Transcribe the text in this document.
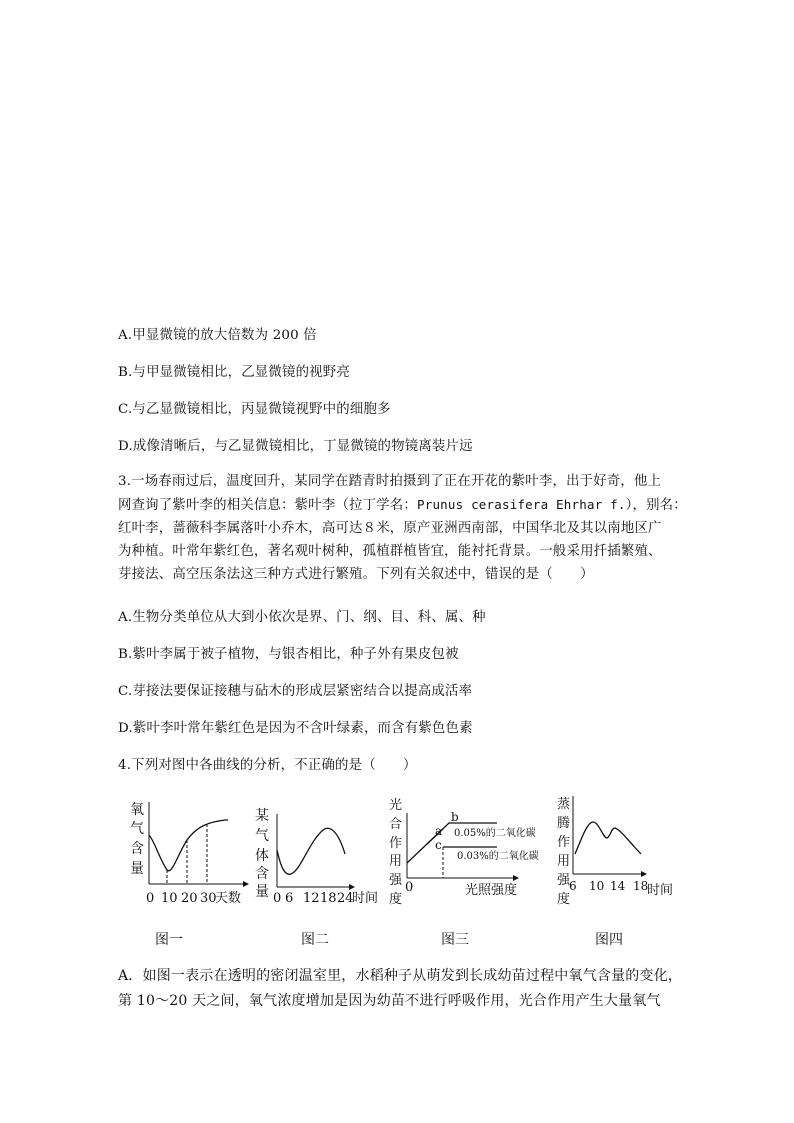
A.甲显微镜的放大倍数为 200 倍
B.与甲显微镜相比，乙显微镜的视野亮
C.与乙显微镜相比，丙显微镜视野中的细胞多
D.成像清晰后，与乙显微镜相比，丁显微镜的物镜离装片远
3.一场春雨过后，温度回升，某同学在踏青时拍摄到了正在开花的紫叶李，出于好奇，他上
网查询了紫叶李的相关信息：紫叶李（拉丁学名：Prunus cerasifera Ehrhar f.），别名：
红叶李，蔷薇科李属落叶小乔木，高可达８米，原产亚洲西南部，中国华北及其以南地区广
为种植。叶常年紫红色，著名观叶树种，孤植群植皆宜，能衬托背景。一般采用扦插繁殖、
芽接法、高空压条法这三种方式进行繁殖。下列有关叙述中，错误的是（　　）
A.生物分类单位从大到小依次是界、门、纲、目、科、属、种
B.紫叶李属于被子植物，与银杏相比，种子外有果皮包被
C.芽接法要保证接穗与砧木的形成层紧密结合以提高成活率
D.紫叶李叶常年紫红色是因为不含叶绿素，而含有紫色色素
4.下列对图中各曲线的分析，不正确的是（　　）
氧
气
含
量
0 10 20 30
天数
图一
某
气
体
含
量 0 6 12 18 24
时间
图二
光
合
作
用
强
度
a
b
c
0.05%的二氧化碳
0.03%的二氧化碳
0	光照强度
图三
蒸
腾
作
用
强
度
6 10 14 18
时间
图四
A．如图一表示在透明的密闭温室里，水稻种子从萌发到长成幼苗过程中氧气含量的变化，
第 10～20 天之间，氧气浓度增加是因为幼苗不进行呼吸作用，光合作用产生大量氧气
